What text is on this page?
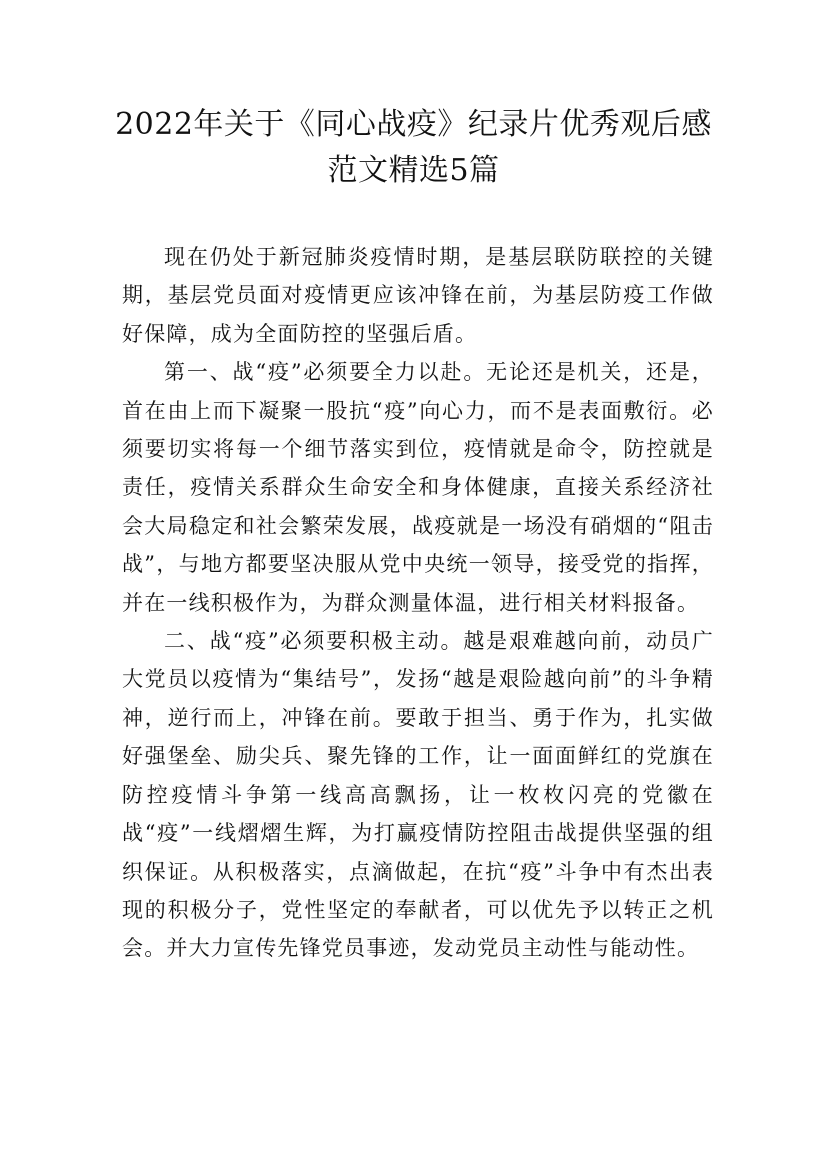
2022年关于《同心战疫》纪录片优秀观后感
范文精选5篇

现在仍处于新冠肺炎疫情时期，是基层联防联控的关键期，基层党员面对疫情更应该冲锋在前，为基层防疫工作做好保障，成为全面防控的坚强后盾。

第一、战“疫”必须要全力以赴。无论还是机关，还是，首在由上而下凝聚一股抗“疫”向心力，而不是表面敷衍。必须要切实将每一个细节落实到位，疫情就是命令，防控就是责任，疫情关系群众生命安全和身体健康，直接关系经济社会大局稳定和社会繁荣发展，战疫就是一场没有硝烟的“阻击战”，与地方都要坚决服从党中央统一领导，接受党的指挥，并在一线积极作为，为群众测量体温，进行相关材料报备。

二、战“疫”必须要积极主动。越是艰难越向前，动员广大党员以疫情为“集结号”，发扬“越是艰险越向前”的斗争精神，逆行而上，冲锋在前。要敢于担当、勇于作为，扎实做好强堡垒、励尖兵、聚先锋的工作，让一面面鲜红的党旗在防控疫情斗争第一线高高飘扬，让一枚枚闪亮的党徽在战“疫”一线熠熠生辉，为打赢疫情防控阻击战提供坚强的组织保证。从积极落实，点滴做起，在抗“疫”斗争中有杰出表现的积极分子，党性坚定的奉献者，可以优先予以转正之机会。并大力宣传先锋党员事迹，发动党员主动性与能动性。
